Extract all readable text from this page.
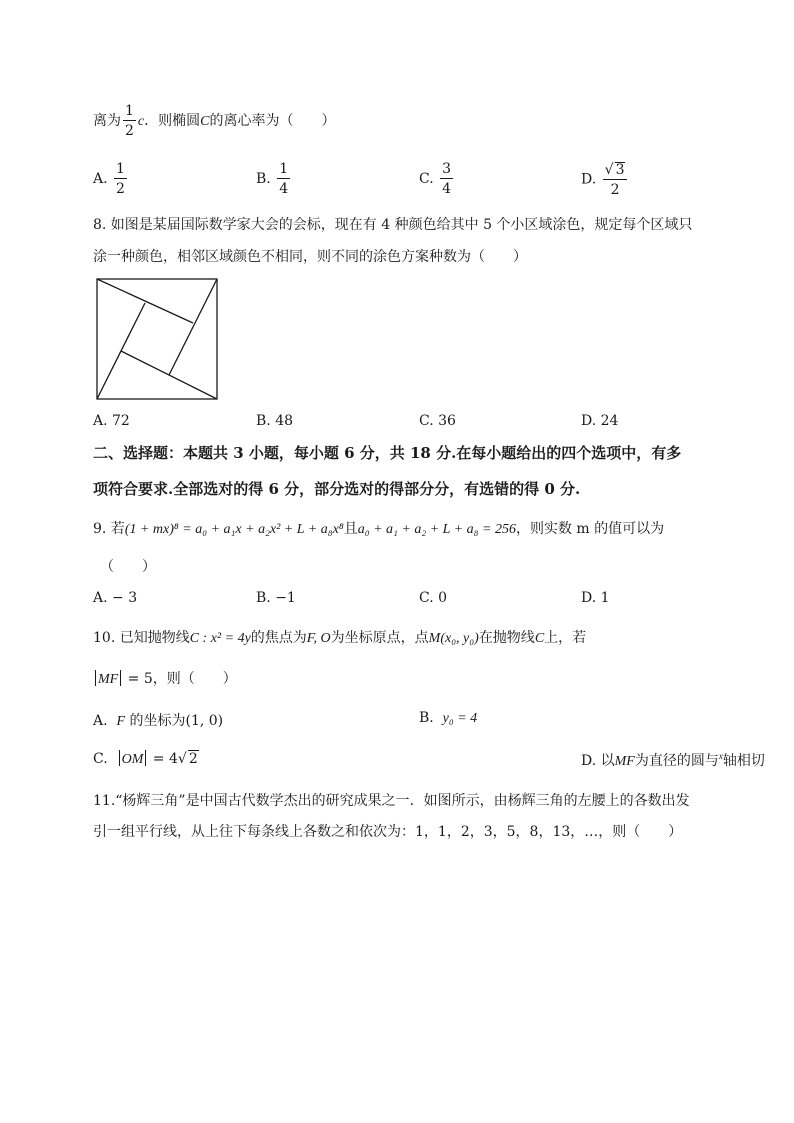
离为 $\frac{1}{2}$ c．则椭圆C的离心率为（　　）
A. $\frac{1}{2}$	B. $\frac{1}{4}$	C. $\frac{3}{4}$	D. $\frac{√ 3}{2}$
8. 如图是某届国际数学家大会的会标，现在有 4 种颜色给其中 5 个小区域涂色，规定每个区域只
涂一种颜色，相邻区域颜色不相同，则不同的涂色方案种数为（　　）
A. 72	B. 48	C. 36	D. 24
二、选择题：本题共 3 小题，每小题 6 分，共 18 分.在每小题给出的四个选项中，有多
项符合要求.全部选对的得 6 分，部分选对的得部分分，有选错的得 0 分.
9. 若(1 + mx)⁸ = a₀ + a₁x + a₂x² + L + a₈x⁸且a₀ + a₁ + a₂ + L + a₈ = 256，则实数 m 的值可以为
（　　）
A. − 3	B. −1	C. 0	D. 1
10. 已知抛物线C : x² = 4y的焦点为F, O为坐标原点，点M(x₀, y₀)在抛物线C上，若
MF = 5，则（　　）
A. F 的坐标为(1, 0)	B. y₀ = 4
C. OM = 4√ 2	D. 以MF为直径的圆与$^x$轴相切
11.“杨辉三角”是中国古代数学杰出的研究成果之一．如图所示，由杨辉三角的左腰上的各数出发
引一组平行线，从上往下每条线上各数之和依次为：1，1，2，3，5，8，13，…，则（　　）
